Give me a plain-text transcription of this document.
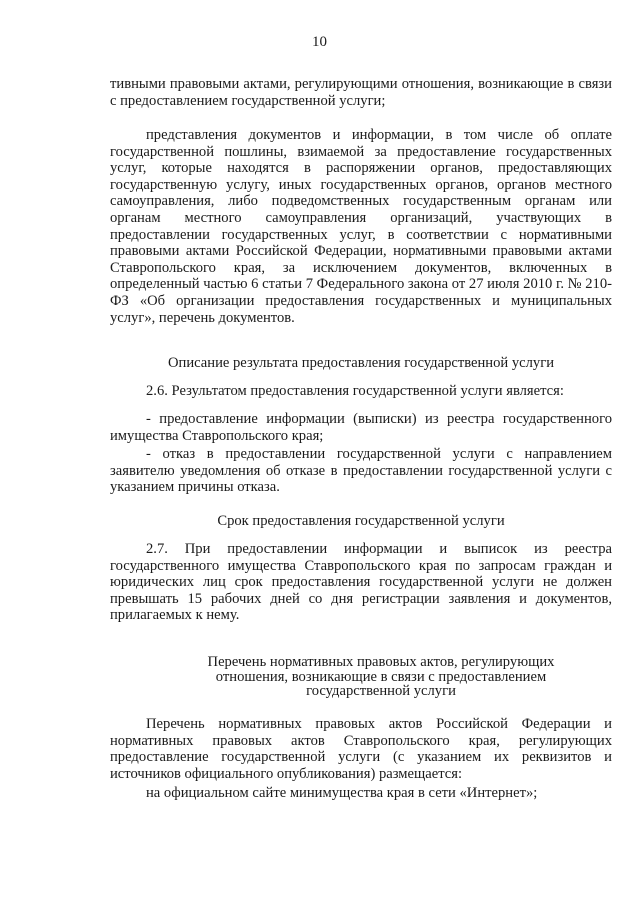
10
тивными правовыми актами, регулирующими отношения, возникающие в связи с предоставлением государственной услуги;
представления документов и информации, в том числе об оплате государственной пошлины, взимаемой за предоставление государственных услуг, которые находятся в распоряжении органов, предоставляющих государственную услугу, иных государственных органов, органов местного самоуправления, либо подведомственных государственным органам или органам местного самоуправления организаций, участвующих в предоставлении государственных услуг, в соответствии с нормативными правовыми актами Российской Федерации, нормативными правовыми актами Ставропольского края, за исключением документов, включенных в определенный частью 6 статьи 7 Федерального закона от 27 июля 2010 г. № 210-ФЗ «Об организации предоставления государственных и муниципальных услуг», перечень документов.
Описание результата предоставления государственной услуги
2.6. Результатом предоставления государственной услуги является:
- предоставление информации (выписки) из реестра государственного имущества Ставропольского края;
- отказ в предоставлении государственной услуги с направлением заявителю уведомления об отказе в предоставлении государственной услуги с указанием причины отказа.
Срок предоставления государственной услуги
2.7. При предоставлении информации и выписок из реестра государственного имущества Ставропольского края по запросам граждан и юридических лиц срок предоставления государственной услуги не должен превышать 15 рабочих дней со дня регистрации заявления и документов, прилагаемых к нему.
Перечень нормативных правовых актов, регулирующих отношения, возникающие в связи с предоставлением государственной услуги
Перечень нормативных правовых актов Российской Федерации и нормативных правовых актов Ставропольского края, регулирующих предоставление государственной услуги (с указанием их реквизитов и источников официального опубликования) размещается:
на официальном сайте минимущества края в сети «Интернет»;
